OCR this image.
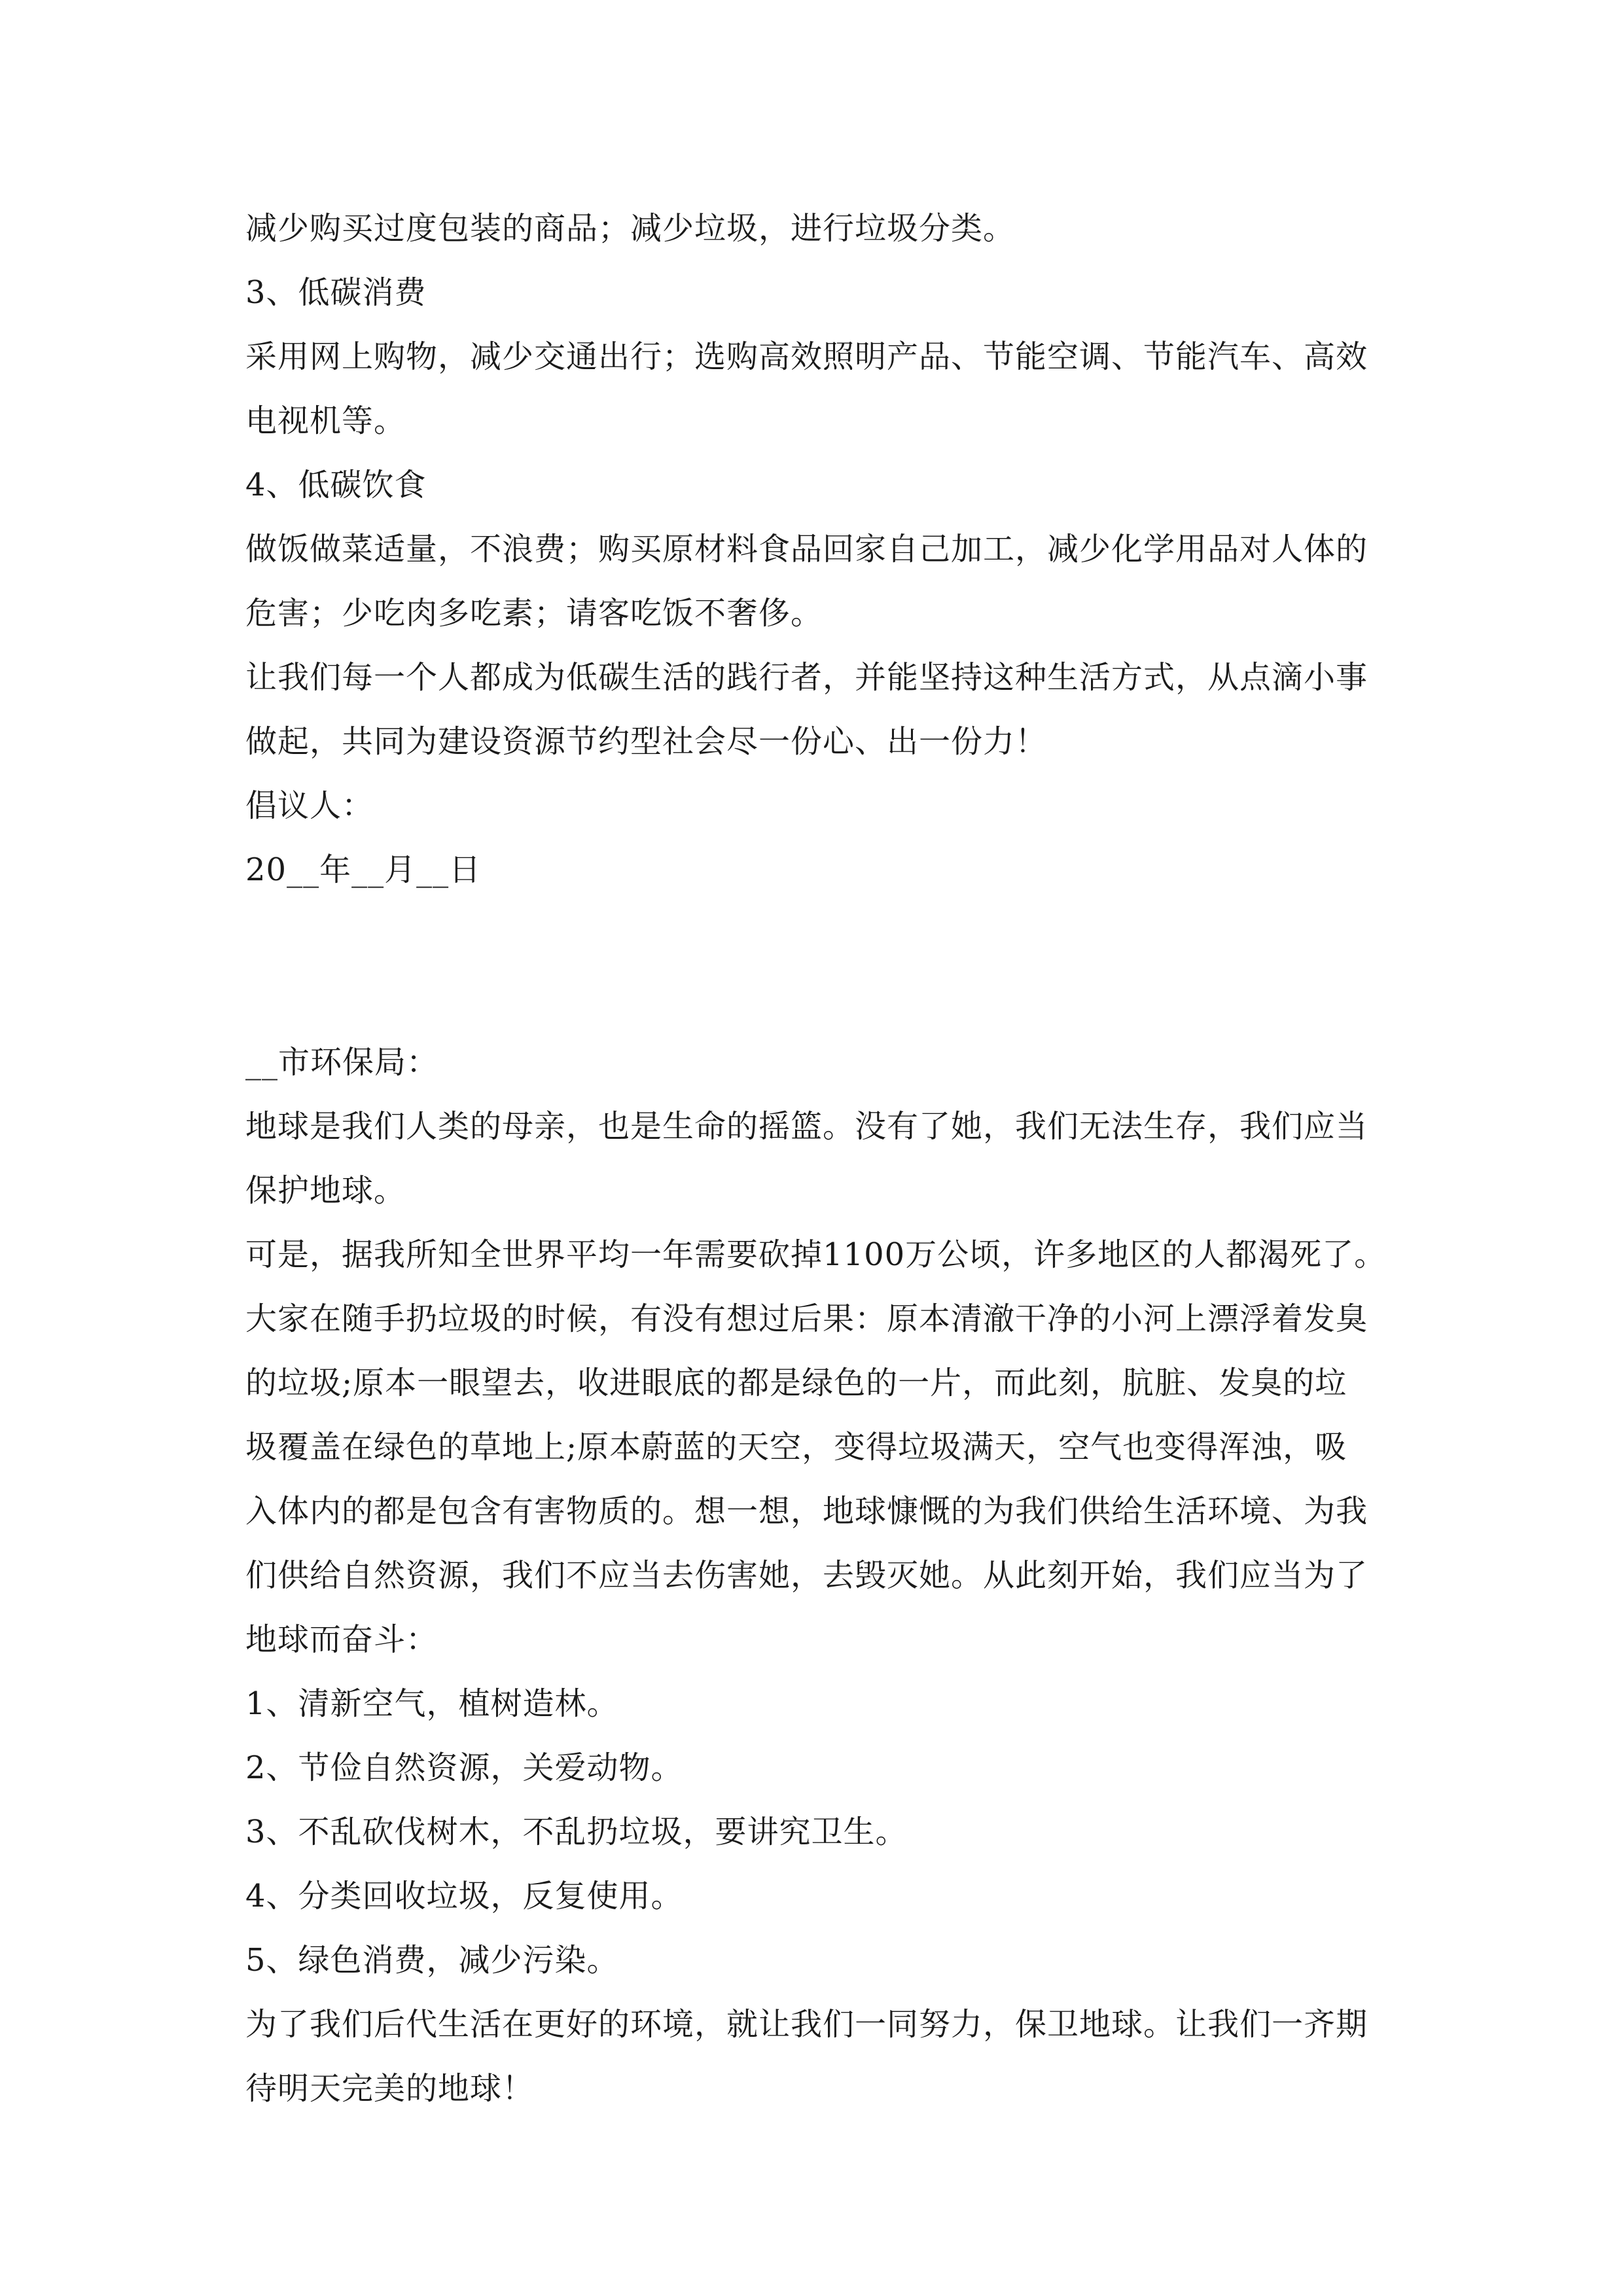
减少购买过度包装的商品；减少垃圾，进行垃圾分类。
3、低碳消费
采用网上购物，减少交通出行；选购高效照明产品、节能空调、节能汽车、高效
电视机等。
4、低碳饮食
做饭做菜适量，不浪费；购买原材料食品回家自己加工，减少化学用品对人体的
危害；少吃肉多吃素；请客吃饭不奢侈。
让我们每一个人都成为低碳生活的践行者，并能坚持这种生活方式，从点滴小事
做起，共同为建设资源节约型社会尽一份心、出一份力！
倡议人：
20__年__月__日
__市环保局：
地球是我们人类的母亲，也是生命的摇篮。没有了她，我们无法生存，我们应当
保护地球。
可是，据我所知全世界平均一年需要砍掉1100万公顷，许多地区的人都渴死了。
大家在随手扔垃圾的时候，有没有想过后果：原本清澈干净的小河上漂浮着发臭
的垃圾;原本一眼望去，收进眼底的都是绿色的一片，而此刻，肮脏、发臭的垃
圾覆盖在绿色的草地上;原本蔚蓝的天空，变得垃圾满天，空气也变得浑浊，吸
入体内的都是包含有害物质的。想一想，地球慷慨的为我们供给生活环境、为我
们供给自然资源，我们不应当去伤害她，去毁灭她。从此刻开始，我们应当为了
地球而奋斗：
1、清新空气，植树造林。
2、节俭自然资源，关爱动物。
3、不乱砍伐树木，不乱扔垃圾，要讲究卫生。
4、分类回收垃圾，反复使用。
5、绿色消费，减少污染。
为了我们后代生活在更好的环境，就让我们一同努力，保卫地球。让我们一齐期
待明天完美的地球！
